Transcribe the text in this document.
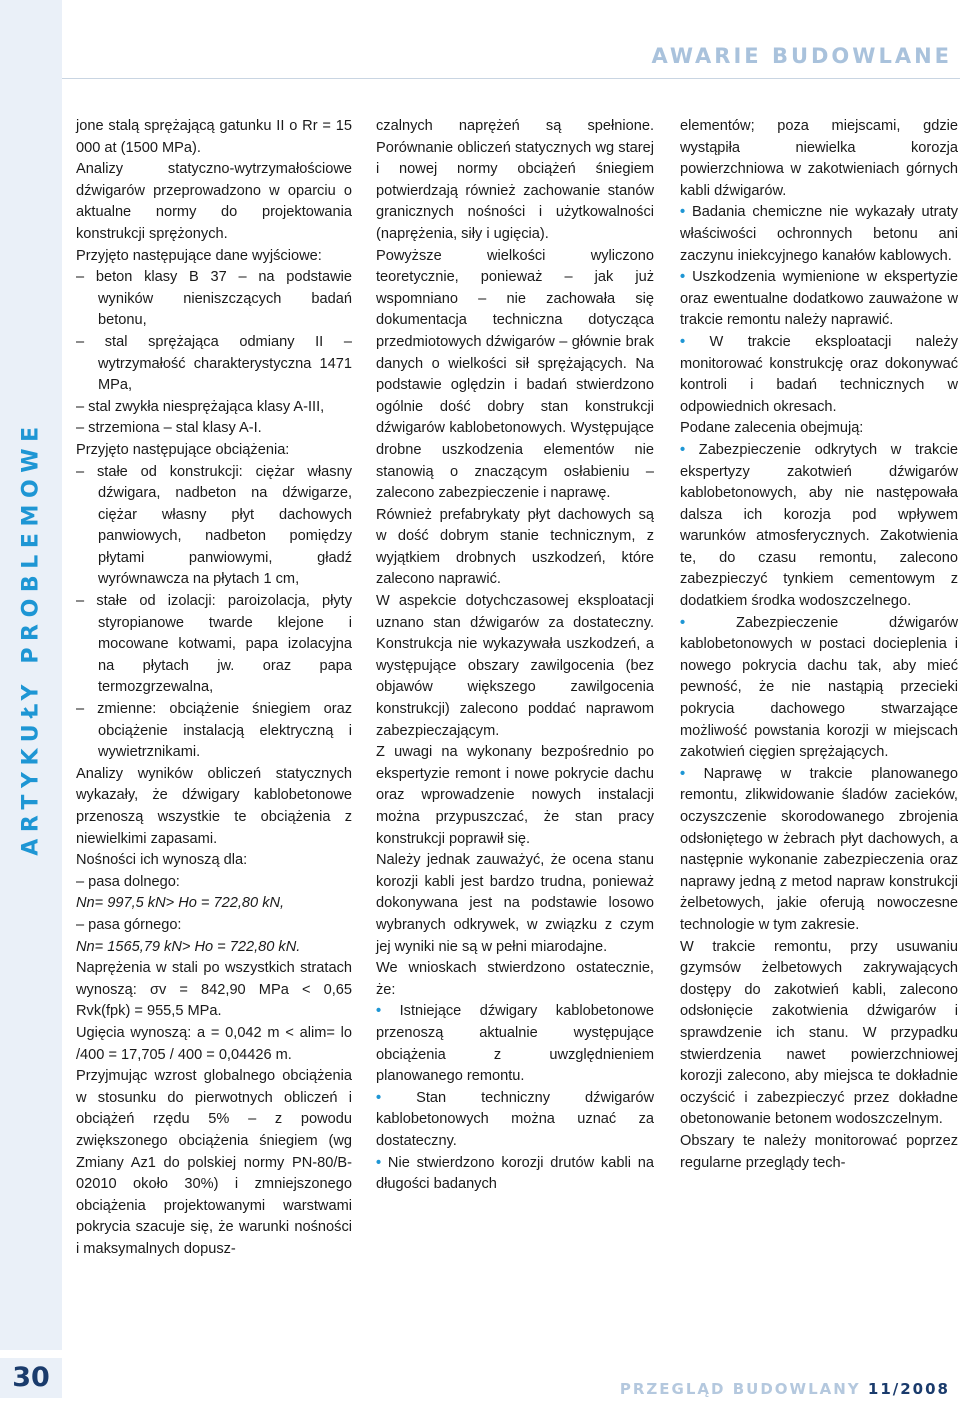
ARTYKUŁY PROBLEMOWE
30
AWARIE BUDOWLANE

jone stalą sprężającą gatunku II o Rr = 15 000 at (1500 MPa).

Analizy statyczno-wytrzymałościowe dźwigarów przeprowadzono w oparciu o aktualne normy do projektowania konstrukcji sprężonych.

Przyjęto następujące dane wyjściowe:

– beton klasy B 37 – na podstawie wyników nieniszczących badań betonu,

– stal sprężająca odmiany II – wytrzymałość charakterystyczna 1471 MPa,

– stal zwykła niesprężająca klasy A-III,

– strzemiona – stal klasy A-I.

Przyjęto następujące obciążenia:

– stałe od konstrukcji: ciężar własny dźwigara, nadbeton na dźwigarze, ciężar własny płyt dachowych panwiowych, nadbeton pomiędzy płytami panwiowymi, gładź wyrównawcza na płytach 1 cm,

– stałe od izolacji: paroizolacja, płyty styropianowe twarde klejone i mocowane kotwami, papa izolacyjna na płytach jw. oraz papa termozgrzewalna,

– zmienne: obciążenie śniegiem oraz obciążenie instalacją elektryczną i wywietrznikami.

Analizy wyników obliczeń statycznych wykazały, że dźwigary kablobetonowe przenoszą wszystkie te obciążenia z niewielkimi zapasami.

Nośności ich wynoszą dla:

– pasa dolnego:

Nn= 997,5 kN> Ho = 722,80 kN,

– pasa górnego:

Nn= 1565,79 kN> Ho = 722,80 kN.

Naprężenia w stali po wszystkich stratach wynoszą: σv = 842,90 MPa < 0,65 Rvk(fpk) = 955,5 MPa.

Ugięcia wynoszą: a = 0,042 m < alim= lo /400 = 17,705 / 400 = 0,04426 m.

Przyjmując wzrost globalnego obciążenia w stosunku do pierwotnych obliczeń i obciążeń rzędu 5% – z powodu zwiększonego obciążenia śniegiem (wg Zmiany Az1 do polskiej normy PN-80/B-02010 około 30%) i zmniejszonego obciążenia projektowanymi warstwami pokrycia szacuje się, że warunki nośności i maksymalnych dopusz-

czalnych naprężeń są spełnione. Porównanie obliczeń statycznych wg starej i nowej normy obciążeń śniegiem potwierdzają również zachowanie stanów granicznych nośności i użytkowalności (naprężenia, siły i ugięcia).

Powyższe wielkości wyliczono teoretycznie, ponieważ – jak już wspomniano – nie zachowała się dokumentacja techniczna dotycząca przedmiotowych dźwigarów – głównie brak danych o wielkości sił sprężających. Na podstawie oględzin i badań stwierdzono ogólnie dość dobry stan konstrukcji dźwigarów kablobetonowych. Występujące drobne uszkodzenia elementów nie stanowią o znaczącym osłabieniu – zalecono zabezpieczenie i naprawę.

Również prefabrykaty płyt dachowych są w dość dobrym stanie technicznym, z wyjątkiem drobnych uszkodzeń, które zalecono naprawić.

W aspekcie dotychczasowej eksploatacji uznano stan dźwigarów za dostateczny. Konstrukcja nie wykazywała uszkodzeń, a występujące obszary zawilgocenia (bez objawów większego zawilgocenia konstrukcji) zalecono poddać naprawom zabezpieczającym.

Z uwagi na wykonany bezpośrednio po ekspertyzie remont i nowe pokrycie dachu oraz wprowadzenie nowych instalacji można przypuszczać, że stan pracy konstrukcji poprawił się.

Należy jednak zauważyć, że ocena stanu korozji kabli jest bardzo trudna, ponieważ dokonywana jest na podstawie losowo wybranych odkrywek, w związku z czym jej wyniki nie są w pełni miarodajne.

We wnioskach stwierdzono ostatecznie, że:

• Istniejące dźwigary kablobetonowe przenoszą aktualnie występujące obciążenia z uwzględnieniem planowanego remontu.

• Stan techniczny dźwigarów kablobetonowych można uznać za dostateczny.

• Nie stwierdzono korozji drutów kabli na długości badanych

elementów; poza miejscami, gdzie wystąpiła niewielka korozja powierzchniowa w zakotwieniach górnych kabli dźwigarów.

• Badania chemiczne nie wykazały utraty właściwości ochronnych betonu ani zaczynu iniekcyjnego kanałów kablowych.

• Uszkodzenia wymienione w ekspertyzie oraz ewentualne dodatkowo zauważone w trakcie remontu należy naprawić.

• W trakcie eksploatacji należy monitorować konstrukcję oraz dokonywać kontroli i badań technicznych w odpowiednich okresach.

Podane zalecenia obejmują:

• Zabezpieczenie odkrytych w trakcie ekspertyzy zakotwień dźwigarów kablobetonowych, aby nie następowała dalsza ich korozja pod wpływem warunków atmosferycznych. Zakotwienia te, do czasu remontu, zalecono zabezpieczyć tynkiem cementowym z dodatkiem środka wodoszczelnego.

• Zabezpieczenie dźwigarów kablobetonowych w postaci docieplenia i nowego pokrycia dachu tak, aby mieć pewność, że nie nastąpią przecieki pokrycia dachowego stwarzające możliwość powstania korozji w miejscach zakotwień cięgien sprężających.

• Naprawę w trakcie planowanego remontu, zlikwidowanie śladów zacieków, oczyszczenie skorodowanego zbrojenia odsłoniętego w żebrach płyt dachowych, a następnie wykonanie zabezpieczenia oraz naprawy jedną z metod napraw konstrukcji żelbetowych, jakie oferują nowoczesne technologie w tym zakresie.

W trakcie remontu, przy usuwaniu gzymsów żelbetowych zakrywających dostępy do zakotwień kabli, zalecono odsłonięcie zakotwienia dźwigarów i sprawdzenie ich stanu. W przypadku stwierdzenia nawet powierzchniowej korozji zalecono, aby miejsca te dokładnie oczyścić i zabezpieczyć przez dokładne obetonowanie betonem wodoszczelnym.

Obszary te należy monitorować poprzez regularne przeglądy tech-

PRZEGLĄD BUDOWLANY 11/2008
